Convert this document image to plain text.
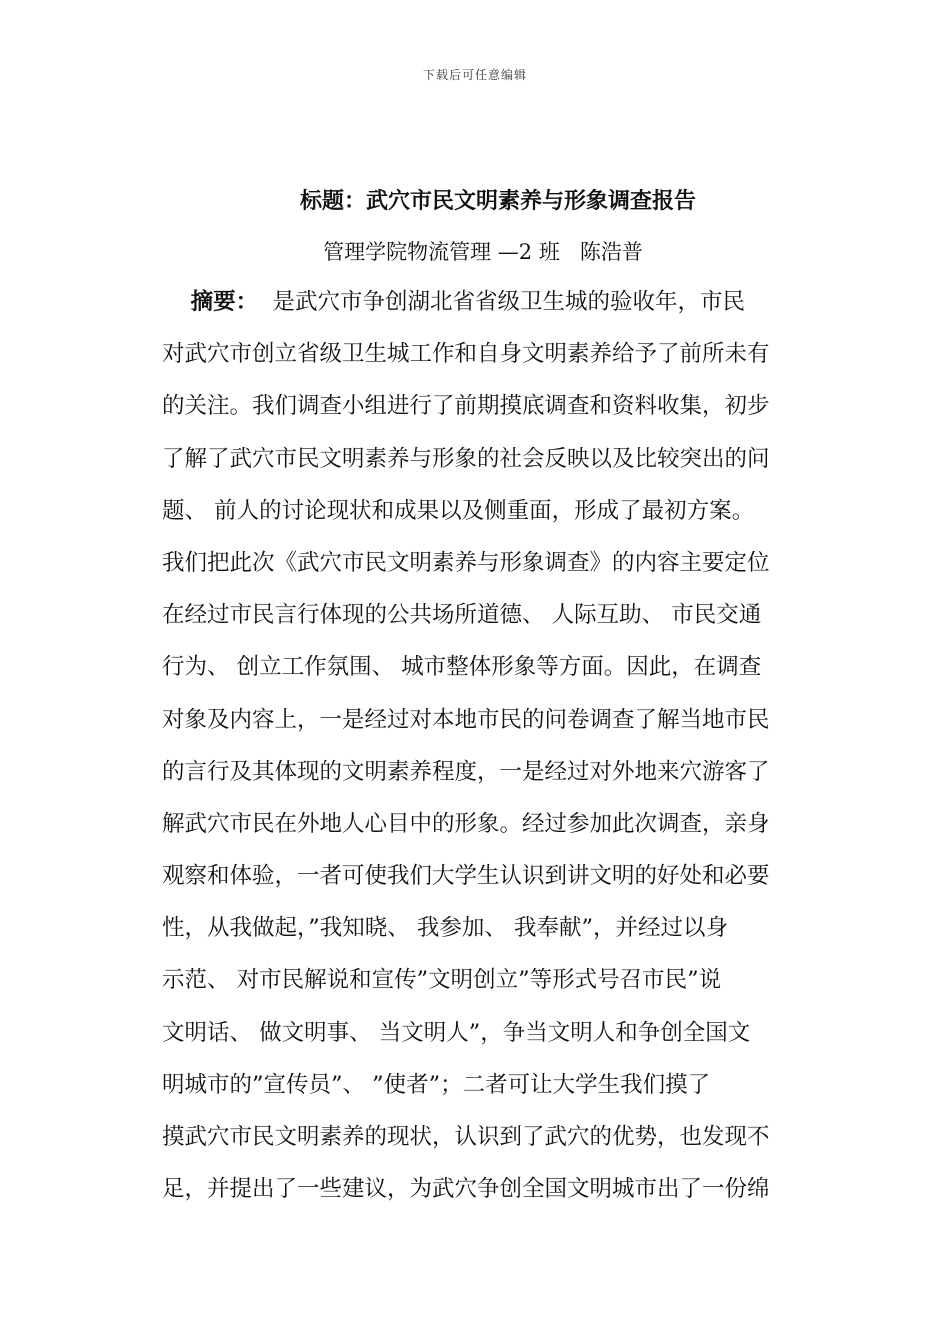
下载后可任意编辑
标题：武穴市民文明素养与形象调查报告
管理学院物流管理 —2 班   陈浩普
摘要： 是武穴市争创湖北省省级卫生城的验收年，市民
对武穴市创立省级卫生城工作和自身文明素养给予了前所未有
的关注。我们调查小组进行了前期摸底调查和资料收集，初步
了解了武穴市民文明素养与形象的社会反映以及比较突出的问
题、 前人的讨论现状和成果以及侧重面，形成了最初方案。
我们把此次《武穴市民文明素养与形象调查》的内容主要定位
在经过市民言行体现的公共场所道德、 人际互助、 市民交通
行为、 创立工作氛围、 城市整体形象等方面。因此，在调查
对象及内容上，一是经过对本地市民的问卷调查了解当地市民
的言行及其体现的文明素养程度，一是经过对外地来穴游客了
解武穴市民在外地人心目中的形象。经过参加此次调查，亲身
观察和体验，一者可使我们大学生认识到讲文明的好处和必要
性，从我做起，”我知晓、 我参加、 我奉献”，并经过以身
示范、 对市民解说和宣传”文明创立”等形式号召市民”说
文明话、 做文明事、 当文明人”，争当文明人和争创全国文
明城市的”宣传员”、 ”使者”；二者可让大学生我们摸了
摸武穴市民文明素养的现状，认识到了武穴的优势，也发现不
足，并提出了一些建议，为武穴争创全国文明城市出了一份绵
